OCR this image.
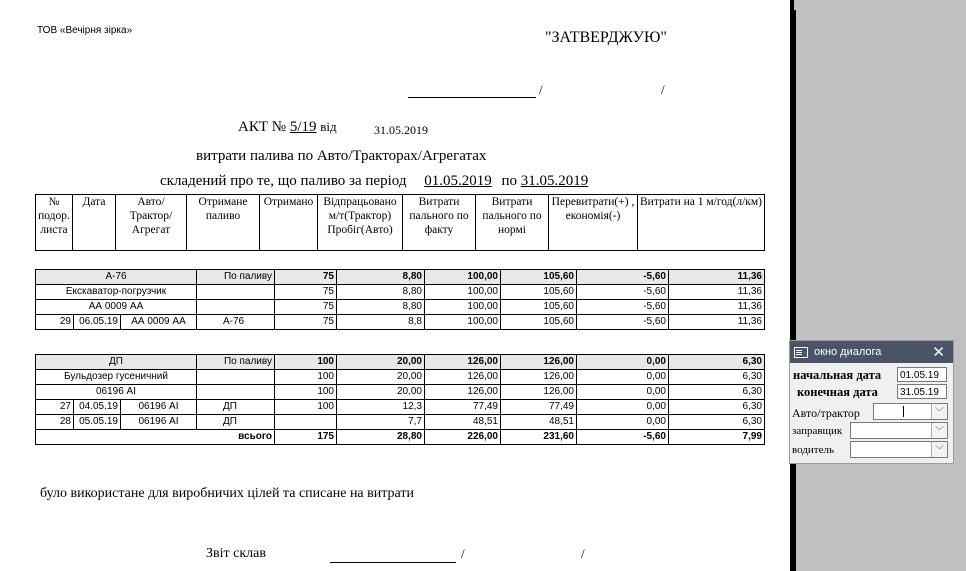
ТОВ «Вечірня зірка»	"ЗАТВЕРДЖУЮ"
/	/
АКТ № 5/19 від	31.05.2019
витрати палива по Авто/Тракторах/Агрегатах
складений про те, що паливо за період 01.05.2019 по 31.05.2019
№ подор. листа	Дата	Авто/Трактор/ Агрегат	Отримане паливо	Отримано	Відпрацьовано м/т(Трактор) Пробіг(Авто)	Витрати пального по факту	Витрати пального по нормі	Перевитрати(+) , економія(-)	Витрати на 1 м/год(л/км)
А-76			По паливу	75	8,80	100,00	105,60	-5,60	11,36
Екскаватор-погрузчик				75	8,80	100,00	105,60	-5,60	11,36
АА 0009 АА				75	8,80	100,00	105,60	-5,60	11,36
29	06.05.19	АА 0009 АА	А-76	75	8,8	100,00	105,60	-5,60	11,36
ДП			По паливу	100	20,00	126,00	126,00	0,00	6,30
Бульдозер гусеничний				100	20,00	126,00	126,00	0,00	6,30
06196 АІ				100	20,00	126,00	126,00	0,00	6,30
27	04.05.19	06196 АІ	ДП	100	12,3	77,49	77,49	0,00	6,30
28	05.05.19	06196 АІ	ДП		7,7	48,51	48,51	0,00	6,30
всього				175	28,80	226,00	231,60	-5,60	7,99
було використане для виробничих цілей та списане на витрати
Звіт склав	/	/
окно диалога	✕
начальная дата	01.05.19
конечная дата	31.05.19
Авто/трактор	﹀
заправщик	﹀
водитель	﹀
